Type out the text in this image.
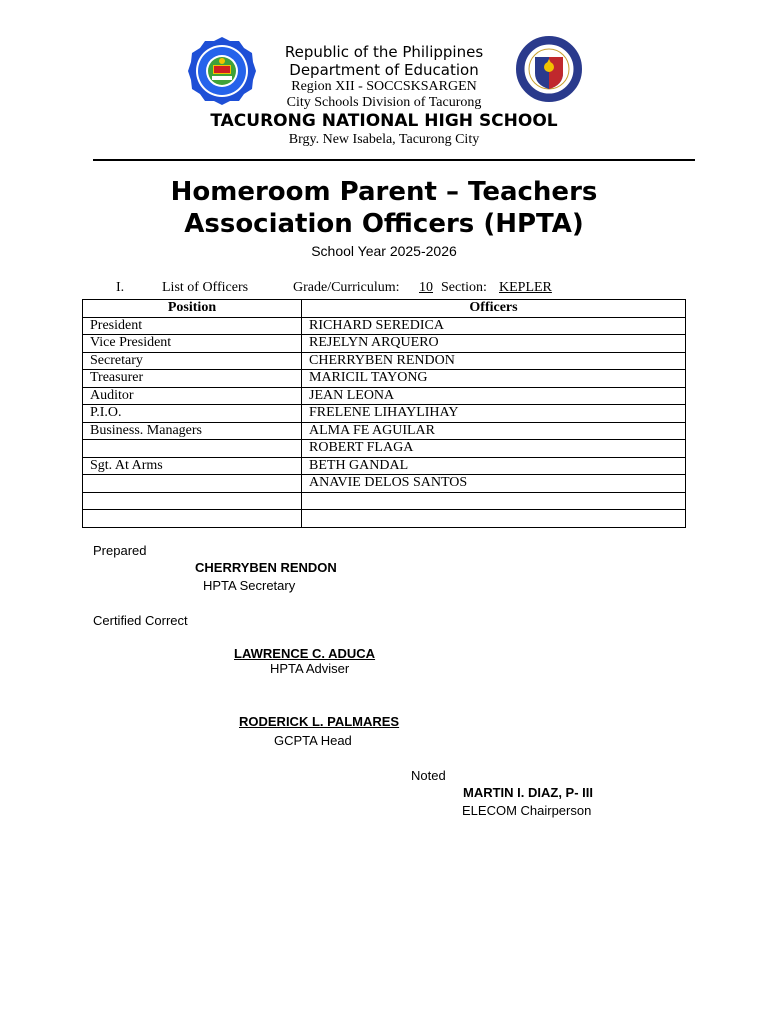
Republic of the Philippines
Department of Education
Region XII - SOCCSKSARGEN
City Schools Division of Tacurong
TACURONG NATIONAL HIGH SCHOOL
Brgy. New Isabela, Tacurong City
Homeroom Parent – Teachers
Association Officers (HPTA)
School Year 2025-2026
I.	List of Officers	Grade/Curriculum: 10 Section: KEPLER
Position	Officers
President	RICHARD SEREDICA
Vice President	REJELYN ARQUERO
Secretary	CHERRYBEN RENDON
Treasurer	MARICIL TAYONG
Auditor	JEAN LEONA
P.I.O.	FRELENE LIHAYLIHAY
Business. Managers	ALMA FE AGUILAR
	ROBERT FLAGA
Sgt. At Arms	BETH GANDAL
	ANAVIE DELOS SANTOS

Prepared
CHERRYBEN RENDON
HPTA Secretary
Certified Correct
LAWRENCE C. ADUCA
HPTA Adviser
RODERICK L. PALMARES
GCPTA Head
Noted
MARTIN I. DIAZ, P- III
ELECOM Chairperson
